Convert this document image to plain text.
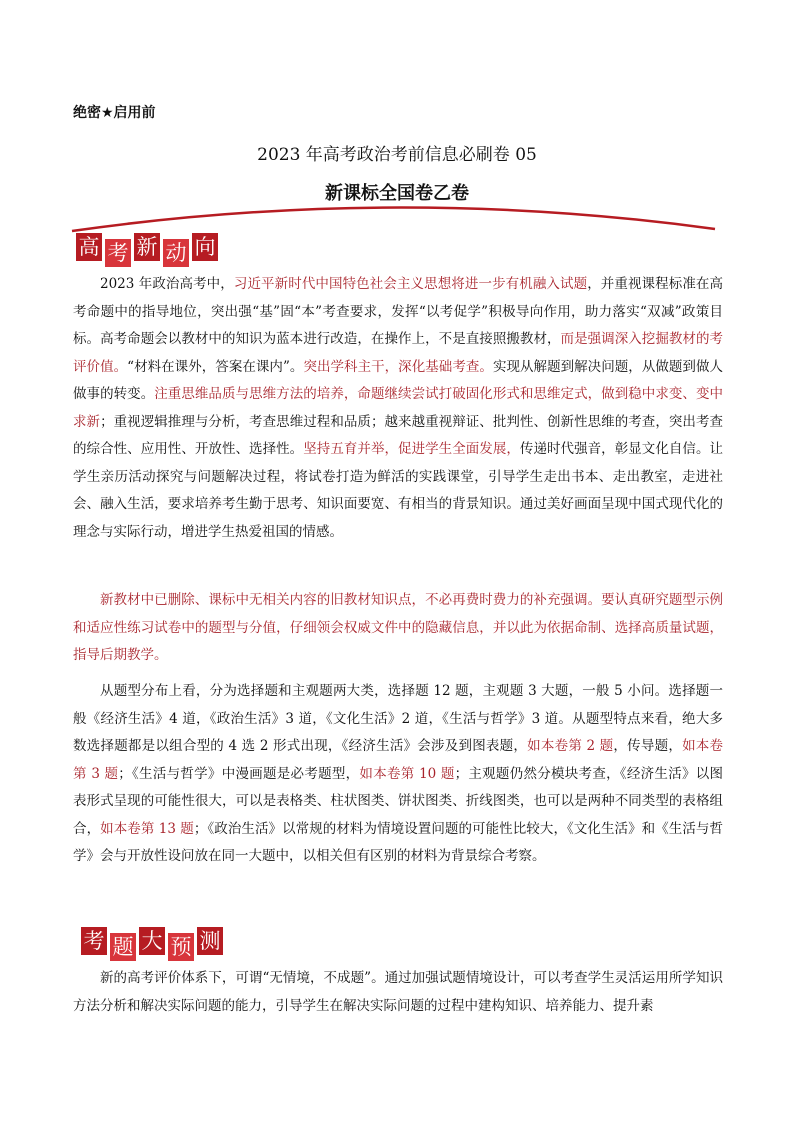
绝密★启用前
2023 年高考政治考前信息必刷卷 05
新课标全国卷乙卷
高 考 新 动 向

2023 年政治高考中，习近平新时代中国特色社会主义思想将进一步有机融入试题，并重视课程标准在高考命题中的指导地位，突出强“基”固“本”考查要求，发挥“以考促学”积极导向作用，助力落实“双减”政策目标。高考命题会以教材中的知识为蓝本进行改造，在操作上，不是直接照搬教材，而是强调深入挖掘教材的考评价值。“材料在课外，答案在课内”。突出学科主干，深化基础考查。实现从解题到解决问题，从做题到做人做事的转变。注重思维品质与思维方法的培养，命题继续尝试打破固化形式和思维定式，做到稳中求变、变中求新；重视逻辑推理与分析，考查思维过程和品质；越来越重视辩证、批判性、创新性思维的考查，突出考查的综合性、应用性、开放性、选择性。坚持五育并举，促进学生全面发展，传递时代强音，彰显文化自信。让学生亲历活动探究与问题解决过程，将试卷打造为鲜活的实践课堂，引导学生走出书本、走出教室，走进社会、融入生活，要求培养考生勤于思考、知识面要宽、有相当的背景知识。通过美好画面呈现中国式现代化的理念与实际行动，增进学生热爱祖国的情感。

新教材中已删除、课标中无相关内容的旧教材知识点，不必再费时费力的补充强调。要认真研究题型示例和适应性练习试卷中的题型与分值，仔细领会权威文件中的隐藏信息，并以此为依据命制、选择高质量试题，指导后期教学。

从题型分布上看，分为选择题和主观题两大类，选择题 12 题，主观题 3 大题，一般 5 小问。选择题一般《经济生活》4 道，《政治生活》3 道，《文化生活》2 道，《生活与哲学》3 道。从题型特点来看，绝大多数选择题都是以组合型的 4 选 2 形式出现，《经济生活》会涉及到图表题，如本卷第 2 题，传导题，如本卷第 3 题；《生活与哲学》中漫画题是必考题型，如本卷第 10 题；主观题仍然分模块考查，《经济生活》以图表形式呈现的可能性很大，可以是表格类、柱状图类、饼状图类、折线图类，也可以是两种不同类型的表格组合，如本卷第 13 题；《政治生活》以常规的材料为情境设置问题的可能性比较大，《文化生活》和《生活与哲学》会与开放性设问放在同一大题中，以相关但有区别的材料为背景综合考察。

考 题 大 预 测

新的高考评价体系下，可谓“无情境，不成题”。通过加强试题情境设计，可以考查学生灵活运用所学知识方法分析和解决实际问题的能力，引导学生在解决实际问题的过程中建构知识、培养能力、提升素
